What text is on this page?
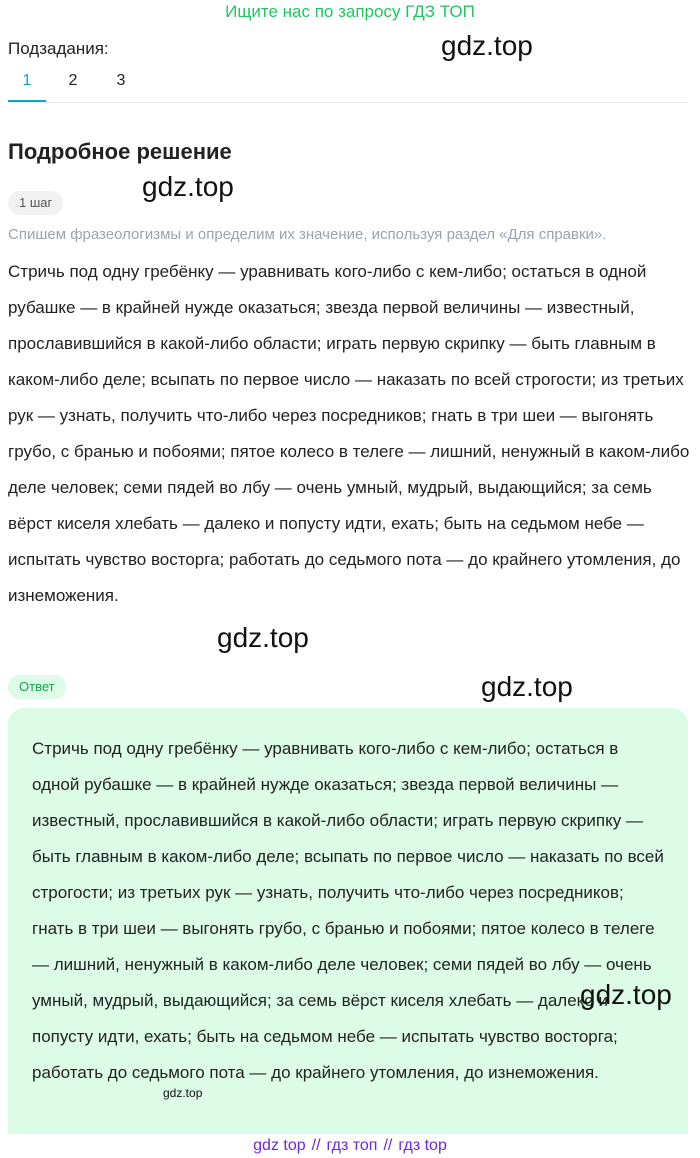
Ищите нас по запросу ГДЗ ТОП
Подзадания:
1	2	3
Подробное решение
1 шаг
Спишем фразеологизмы и определим их значение, используя раздел «Для справки».
Стричь под одну гребёнку — уравнивать кого-либо с кем-либо; остаться в одной рубашке — в крайней нужде оказаться; звезда первой величины — известный, прославившийся в какой-либо области; играть первую скрипку — быть главным в каком-либо деле; всыпать по первое число — наказать по всей строгости; из третьих рук — узнать, получить что-либо через посредников; гнать в три шеи — выгонять грубо, с бранью и побоями; пятое колесо в телеге — лишний, ненужный в каком-либо деле человек; семи пядей во лбу — очень умный, мудрый, выдающийся; за семь вёрст киселя хлебать — далеко и попусту идти, ехать; быть на седьмом небе — испытать чувство восторга; работать до седьмого пота — до крайнего утомления, до изнеможения.
Ответ
Стричь под одну гребёнку — уравнивать кого-либо с кем-либо; остаться в одной рубашке — в крайней нужде оказаться; звезда первой величины — известный, прославившийся в какой-либо области; играть первую скрипку — быть главным в каком-либо деле; всыпать по первое число — наказать по всей строгости; из третьих рук — узнать, получить что-либо через посредников; гнать в три шеи — выгонять грубо, с бранью и побоями; пятое колесо в телеге — лишний, ненужный в каком-либо деле человек; семи пядей во лбу — очень умный, мудрый, выдающийся; за семь вёрст киселя хлебать — далеко и попусту идти, ехать; быть на седьмом небе — испытать чувство восторга; работать до седьмого пота — до крайнего утомления, до изнеможения.
gdz.top
gdz.top
gdz.top
gdz.top
gdz.top
gdz.top
gdz top // гдз топ // гдз top
